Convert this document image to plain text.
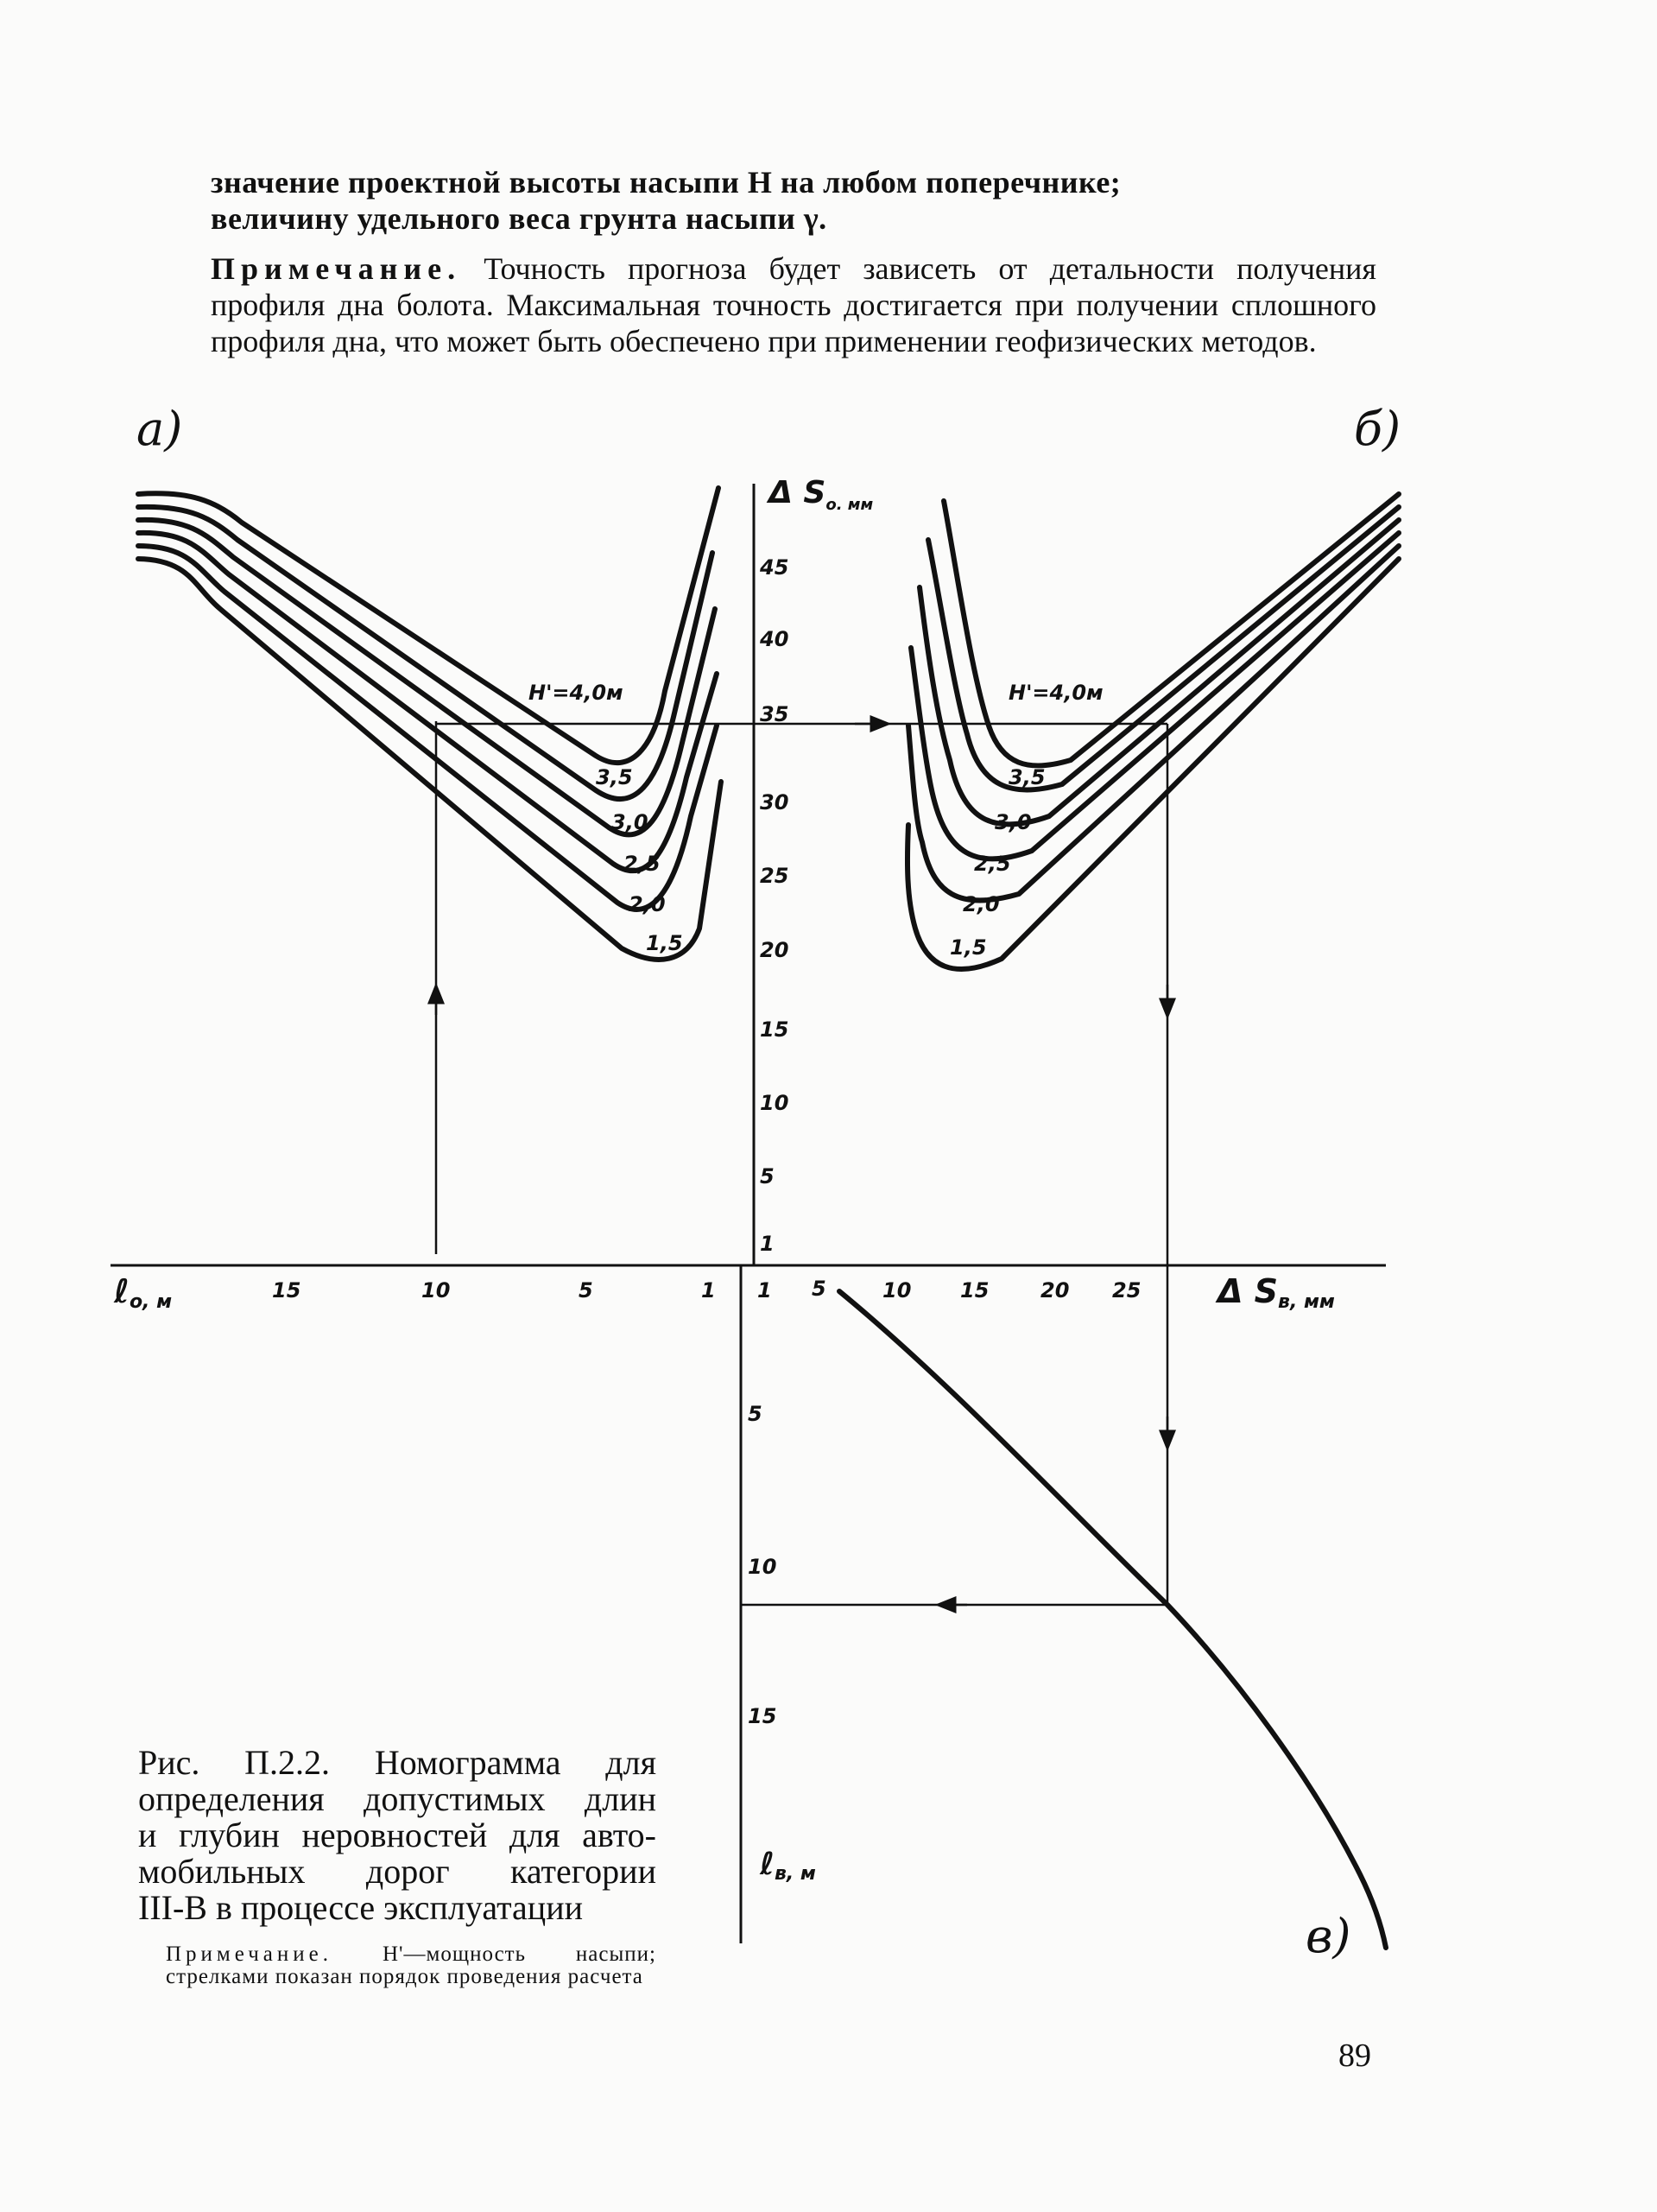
значение проектной высоты насыпи H на любом поперечнике;
величину удельного веса грунта насыпи γ.
Примечание. Точность прогноза будет зависеть от детальности получения профиля дна болота. Максимальная точность достигается при получении сплошного профиля дна, что может быть обеспечено при применении геофизических методов.
а)	б)
в)
45
40
35
30
25
20
15
10
5
1
15	10	5	1 1 5	10 15 20 25
5
10
15
H'=4,0м
3,5
3,0
2,5
2,0
1,5
H'=4,0м
3,5
3,0
2,5
2,0
1,5
Δ $S_{о. мм}$
ℓо, м	Δ Sв, мм
ℓв, м
Рис. П.2.2. Номограмма для
определения допустимых длин
и глубин неровностей для авто-
мобильных дорог категории
III-В в процессе эксплуатации
Примечание. H'—мощность насыпи; стрелками показан порядок проведения расчета
89
